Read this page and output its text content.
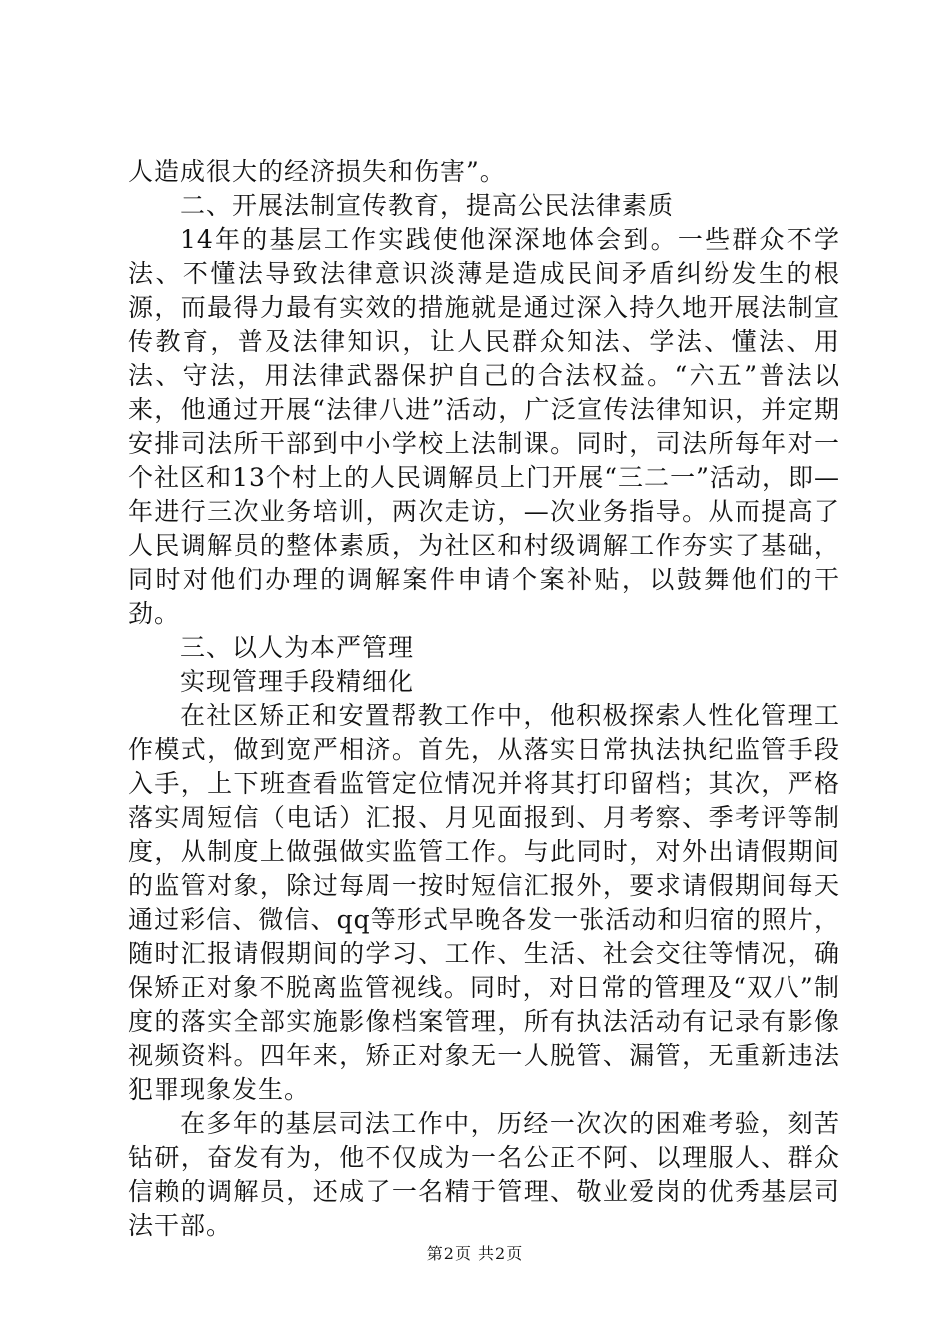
人造成很大的经济损失和伤害”。

二、开展法制宣传教育，提高公民法律素质

14年的基层工作实践使他深深地体会到。一些群众不学法、不懂法导致法律意识淡薄是造成民间矛盾纠纷发生的根源，而最得力最有实效的措施就是通过深入持久地开展法制宣传教育，普及法律知识，让人民群众知法、学法、懂法、用法、守法，用法律武器保护自己的合法权益。“六五”普法以来，他通过开展“法律八进”活动，广泛宣传法律知识，并定期安排司法所干部到中小学校上法制课。同时，司法所每年对一个社区和13个村上的人民调解员上门开展“三二一”活动，即—年进行三次业务培训，两次走访，—次业务指导。从而提高了人民调解员的整体素质，为社区和村级调解工作夯实了基础，同时对他们办理的调解案件申请个案补贴，以鼓舞他们的干劲。

三、以人为本严管理

实现管理手段精细化

在社区矫正和安置帮教工作中，他积极探索人性化管理工作模式，做到宽严相济。首先，从落实日常执法执纪监管手段入手，上下班查看监管定位情况并将其打印留档；其次，严格落实周短信（电话）汇报、月见面报到、月考察、季考评等制度，从制度上做强做实监管工作。与此同时，对外出请假期间的监管对象，除过每周一按时短信汇报外，要求请假期间每天通过彩信、微信、qq等形式早晚各发一张活动和归宿的照片，随时汇报请假期间的学习、工作、生活、社会交往等情况，确保矫正对象不脱离监管视线。同时，对日常的管理及“双八”制度的落实全部实施影像档案管理，所有执法活动有记录有影像视频资料。四年来，矫正对象无一人脱管、漏管，无重新违法犯罪现象发生。

在多年的基层司法工作中，历经一次次的困难考验，刻苦钻研，奋发有为，他不仅成为一名公正不阿、以理服人、群众信赖的调解员，还成了一名精于管理、敬业爱岗的优秀基层司法干部。

第2页 共2页
